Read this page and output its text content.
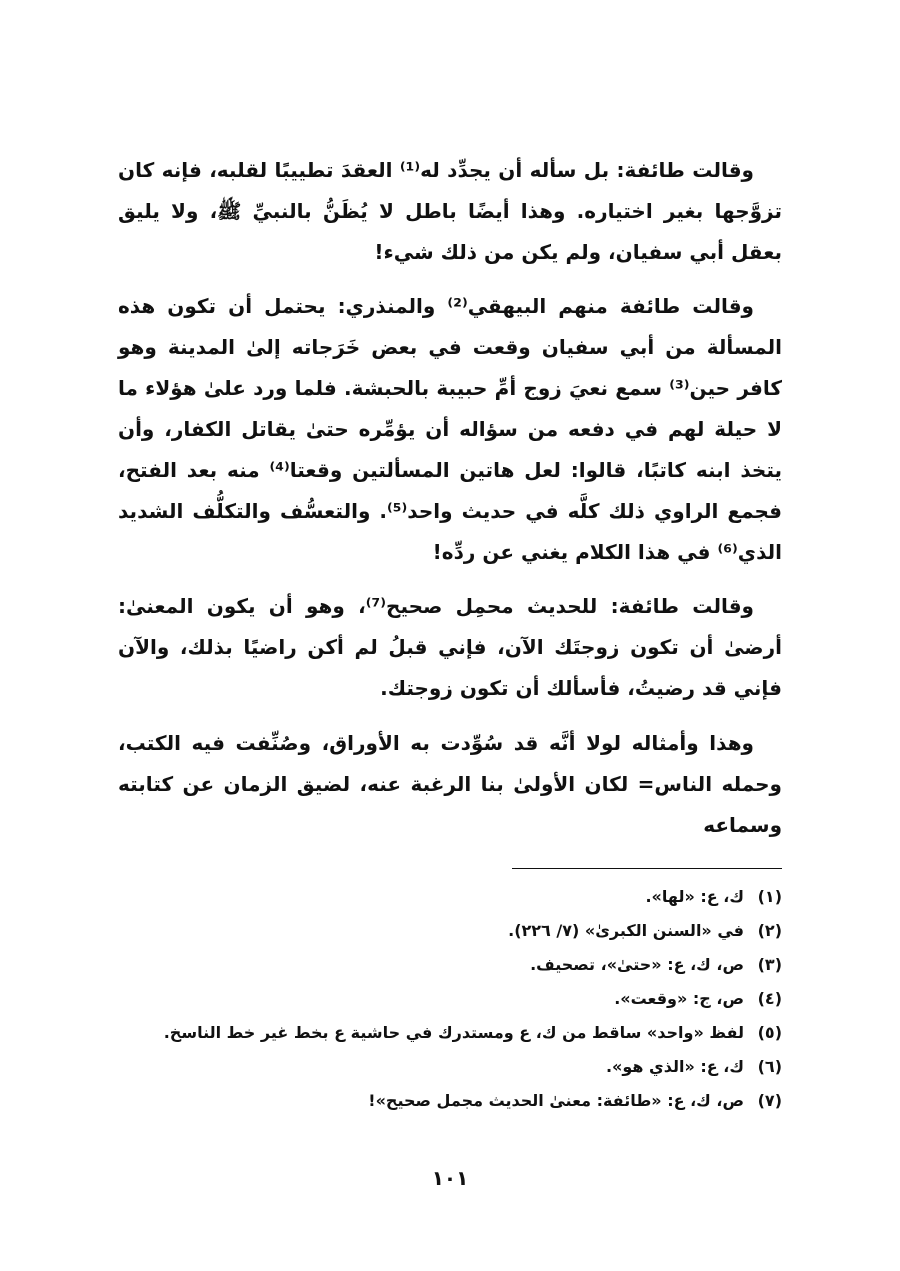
وقالت طائفة: بل سأله أن يجدِّد له⁽¹⁾ العقدَ تطييبًا لقلبه، فإنه كان تزوَّجها بغير اختياره. وهذا أيضًا باطل لا يُظَنُّ بالنبيِّ ﷺ، ولا يليق بعقل أبي سفيان، ولم يكن من ذلك شيء!

وقالت طائفة منهم البيهقي⁽²⁾ والمنذري: يحتمل أن تكون هذه المسألة من أبي سفيان وقعت في بعض خَرَجاته إلىٰ المدينة وهو كافر حين⁽³⁾ سمع نعيَ زوج أمِّ حبيبة بالحبشة. فلما ورد علىٰ هؤلاء ما لا حيلة لهم في دفعه من سؤاله أن يؤمِّره حتىٰ يقاتل الكفار، وأن يتخذ ابنه كاتبًا، قالوا: لعل هاتين المسألتين وقعتا⁽⁴⁾ منه بعد الفتح، فجمع الراوي ذلك كلَّه في حديث واحد⁽⁵⁾. والتعسُّف والتكلُّف الشديد الذي⁽⁶⁾ في هذا الكلام يغني عن ردِّه!

وقالت طائفة: للحديث محمِل صحيح⁽⁷⁾، وهو أن يكون المعنىٰ: أرضىٰ أن تكون زوجتَك الآن، فإني قبلُ لم أكن راضيًا بذلك، والآن فإني قد رضيتُ، فأسألك أن تكون زوجتك.

وهذا وأمثاله لولا أنَّه قد سُوِّدت به الأوراق، وصُنِّفت فيه الكتب، وحمله الناس= لكان الأولىٰ بنا الرغبة عنه، لضيق الزمان عن كتابته وسماعه

(١)
ك، ع: «لها».
(٢)
في «السنن الكبرىٰ» (٧/ ٢٢٦).
(٣)
ص، ك، ع: «حتىٰ»، تصحيف.
(٤)
ص، ج: «وقعت».
(٥)
لفظ «واحد» ساقط من ك، ع ومستدرك في حاشية ع بخط غير خط الناسخ.
(٦)
ك، ع: «الذي هو».
(٧)
ص، ك، ع: «طائفة: معنىٰ الحديث مجمل صحيح»!
١٠١
